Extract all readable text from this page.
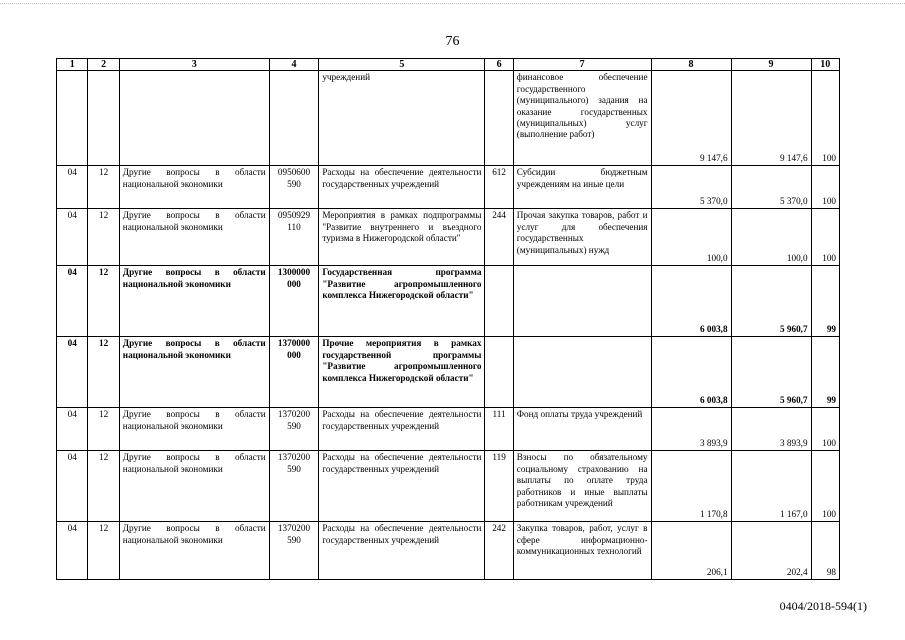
76
1	2	3	4	5	6	7	8	9	10
				учреждений		финансовое обеспечение государственного (муниципального) задания на оказание государственных (муниципальных) услуг (выполнение работ)	9 147,6	9 147,6	100
04	12	Другие вопросы в области национальной экономики	0950600 590	Расходы на обеспечение деятельности государственных учреждений	612	Субсидии бюджетным учреждениям на иные цели	5 370,0	5 370,0	100
04	12	Другие вопросы в области национальной экономики	0950929 110	Мероприятия в рамках подпрограммы "Развитие внутреннего и въездного туризма в Нижегородской области"	244	Прочая закупка товаров, работ и услуг для обеспечения государственных (муниципальных) нужд	100,0	100,0	100
04	12	Другие вопросы в области национальной экономики	1300000 000	Государственная программа "Развитие агропромышленного комплекса Нижегородской области"			6 003,8	5 960,7	99
04	12	Другие вопросы в области национальной экономики	1370000 000	Прочие мероприятия в рамках государственной программы "Развитие агропромышленного комплекса Нижегородской области"			6 003,8	5 960,7	99
04	12	Другие вопросы в области национальной экономики	1370200 590	Расходы на обеспечение деятельности государственных учреждений	111	Фонд оплаты труда учреждений	3 893,9	3 893,9	100
04	12	Другие вопросы в области национальной экономики	1370200 590	Расходы на обеспечение деятельности государственных учреждений	119	Взносы по обязательному социальному страхованию на выплаты по оплате труда работников и иные выплаты работникам учреждений	1 170,8	1 167,0	100
04	12	Другие вопросы в области национальной экономики	1370200 590	Расходы на обеспечение деятельности государственных учреждений	242	Закупка товаров, работ, услуг в сфере информационно-коммуникационных технологий	206,1	202,4	98
0404/2018-594(1)
